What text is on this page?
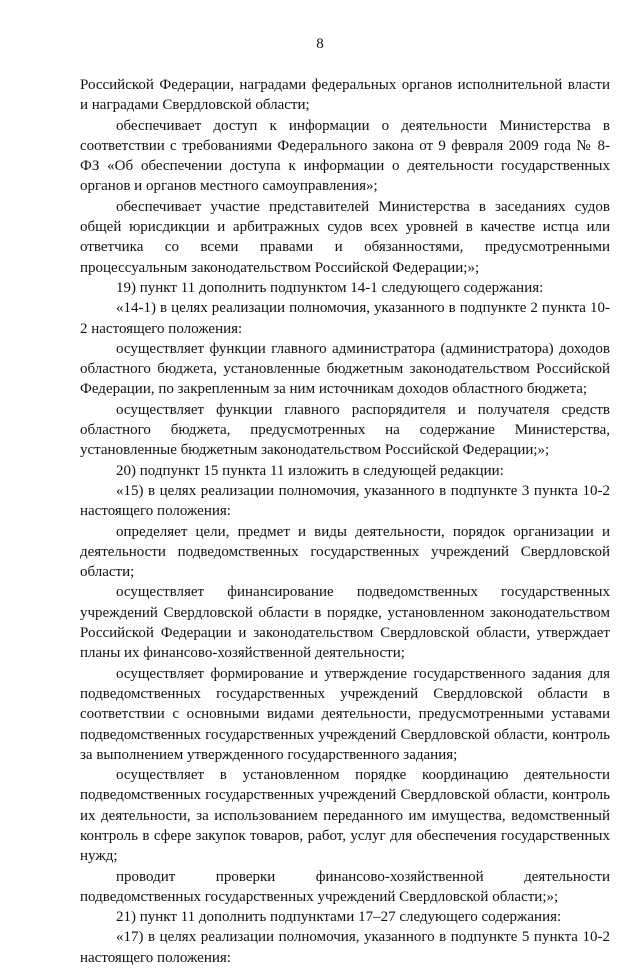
8

Российской Федерации, наградами федеральных органов исполнительной власти и наградами Свердловской области;

обеспечивает доступ к информации о деятельности Министерства в соответствии с требованиями Федерального закона от 9 февраля 2009 года № 8-ФЗ «Об обеспечении доступа к информации о деятельности государственных органов и органов местного самоуправления»;

обеспечивает участие представителей Министерства в заседаниях судов общей юрисдикции и арбитражных судов всех уровней в качестве истца или ответчика со всеми правами и обязанностями, предусмотренными процессуальным законодательством Российской Федерации;»;

19) пункт 11 дополнить подпунктом 14-1 следующего содержания:

«14-1) в целях реализации полномочия, указанного в подпункте 2 пункта 10-2 настоящего положения:

осуществляет функции главного администратора (администратора) доходов областного бюджета, установленные бюджетным законодательством Российской Федерации, по закрепленным за ним источникам доходов областного бюджета;

осуществляет функции главного распорядителя и получателя средств областного бюджета, предусмотренных на содержание Министерства, установленные бюджетным законодательством Российской Федерации;»;

20) подпункт 15 пункта 11 изложить в следующей редакции:

«15) в целях реализации полномочия, указанного в подпункте 3 пункта 10-2 настоящего положения:

определяет цели, предмет и виды деятельности, порядок организации и деятельности подведомственных государственных учреждений Свердловской области;

осуществляет финансирование подведомственных государственных учреждений Свердловской области в порядке, установленном законодательством Российской Федерации и законодательством Свердловской области, утверждает планы их финансово-хозяйственной деятельности;

осуществляет формирование и утверждение государственного задания для подведомственных государственных учреждений Свердловской области в соответствии с основными видами деятельности, предусмотренными уставами подведомственных государственных учреждений Свердловской области, контроль за выполнением утвержденного государственного задания;

осуществляет в установленном порядке координацию деятельности подведомственных государственных учреждений Свердловской области, контроль их деятельности, за использованием переданного им имущества, ведомственный контроль в сфере закупок товаров, работ, услуг для обеспечения государственных нужд;

проводит проверки финансово-хозяйственной деятельности подведомственных государственных учреждений Свердловской области;»;

21) пункт 11 дополнить подпунктами 17–27 следующего содержания:

«17) в целях реализации полномочия, указанного в подпункте 5 пункта 10-2 настоящего положения:
